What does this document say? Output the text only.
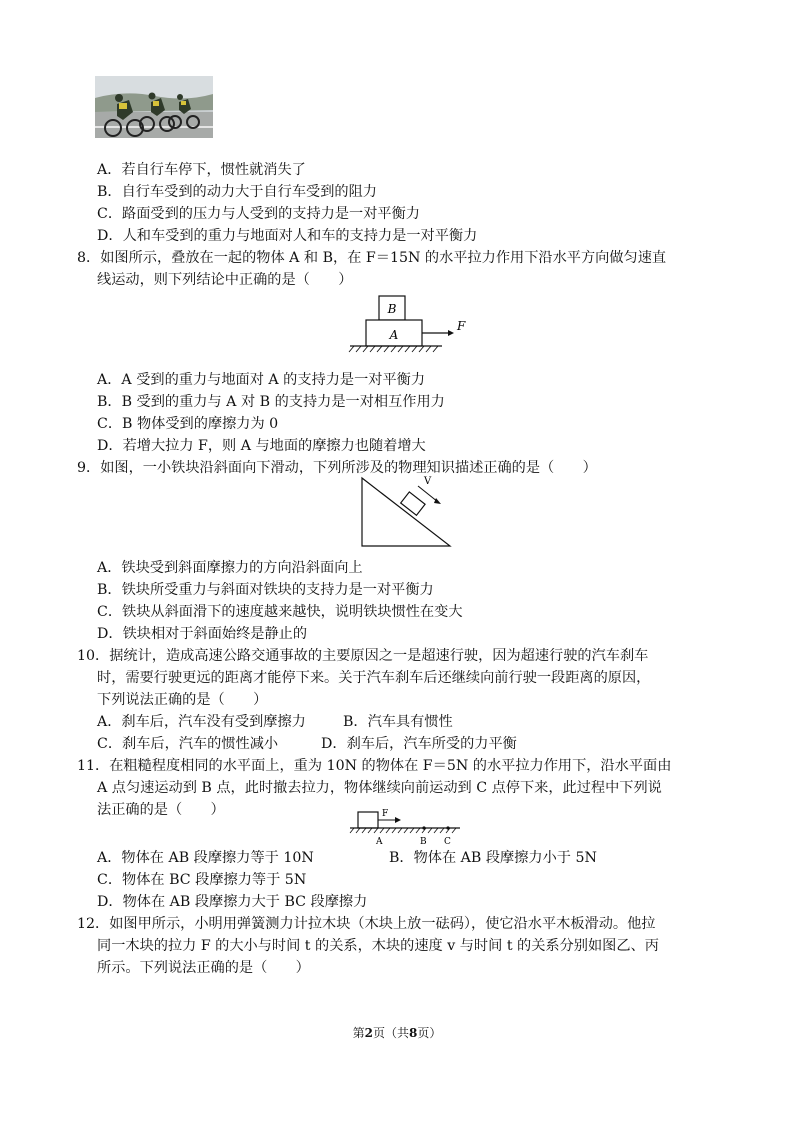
A．若自行车停下，惯性就消失了
B．自行车受到的动力大于自行车受到的阻力
C．路面受到的压力与人受到的支持力是一对平衡力
D．人和车受到的重力与地面对人和车的支持力是一对平衡力
8．如图所示，叠放在一起的物体 A 和 B，在 F＝15N 的水平拉力作用下沿水平方向做匀速直
线运动，则下列结论中正确的是（　　）
B
A
F
A．A 受到的重力与地面对 A 的支持力是一对平衡力
B．B 受到的重力与 A 对 B 的支持力是一对相互作用力
C．B 物体受到的摩擦力为 0
D．若增大拉力 F，则 A 与地面的摩擦力也随着增大
9．如图，一小铁块沿斜面向下滑动，下列所涉及的物理知识描述正确的是（　　）
V
A．铁块受到斜面摩擦力的方向沿斜面向上
B．铁块所受重力与斜面对铁块的支持力是一对平衡力
C．铁块从斜面滑下的速度越来越快，说明铁块惯性在变大
D．铁块相对于斜面始终是静止的
10．据统计，造成高速公路交通事故的主要原因之一是超速行驶，因为超速行驶的汽车刹车
时，需要行驶更远的距离才能停下来。关于汽车刹车后还继续向前行驶一段距离的原因，
下列说法正确的是（　　）
A．刹车后，汽车没有受到摩擦力	B．汽车具有惯性
C．刹车后，汽车的惯性减小	D．刹车后，汽车所受的力平衡
11．在粗糙程度相同的水平面上，重为 10N 的物体在 F＝5N 的水平拉力作用下，沿水平面由
A 点匀速运动到 B 点，此时撤去拉力，物体继续向前运动到 C 点停下来，此过程中下列说
法正确的是（　　）	F
A	B C
A．物体在 AB 段摩擦力等于 10N	B．物体在 AB 段摩擦力小于 5N
C．物体在 BC 段摩擦力等于 5N
D．物体在 AB 段摩擦力大于 BC 段摩擦力
12．如图甲所示，小明用弹簧测力计拉木块（木块上放一砝码），使它沿水平木板滑动。他拉
同一木块的拉力 F 的大小与时间 t 的关系，木块的速度 v 与时间 t 的关系分别如图乙、丙
所示。下列说法正确的是（　　）
第2页（共8页）
